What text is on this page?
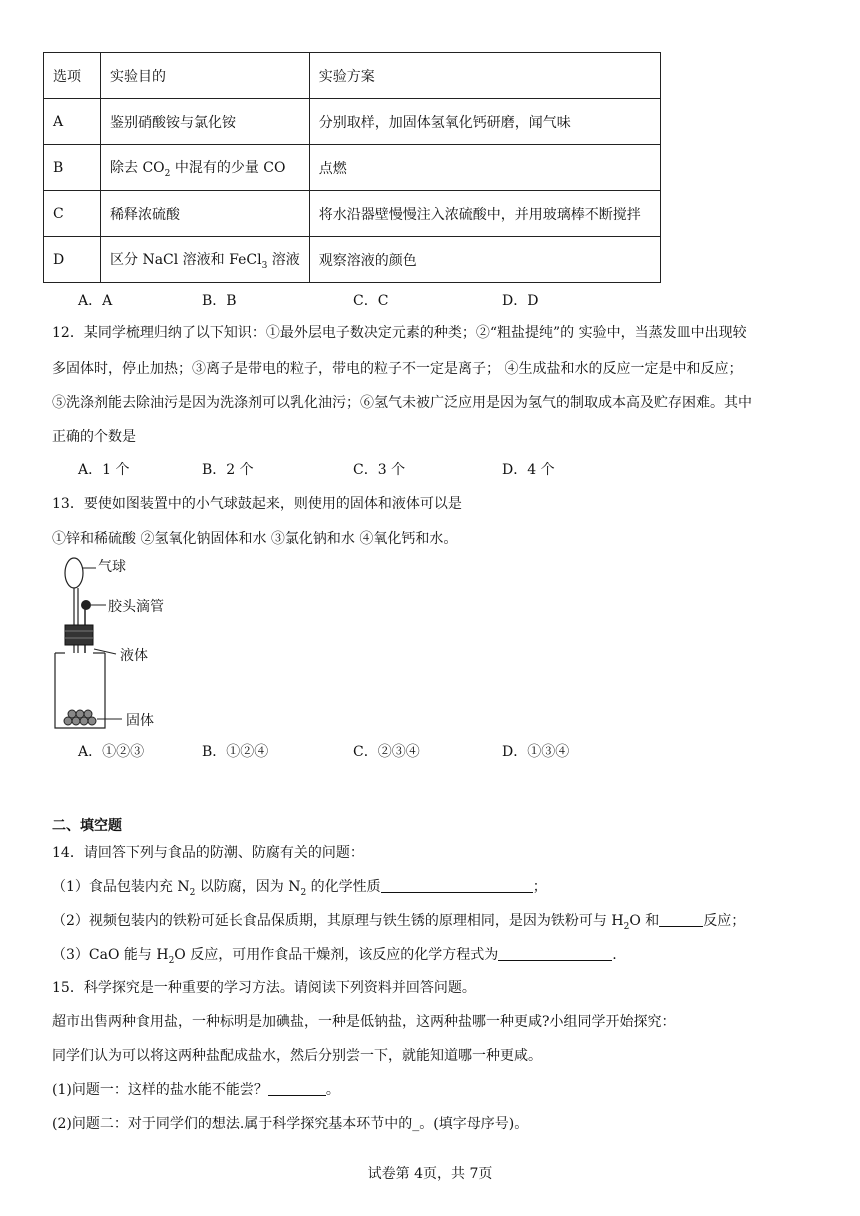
选项	实验目的	实验方案
A	鉴别硝酸铵与氯化铵	分别取样，加固体氢氧化钙研磨，闻气味
B	除去 $CO_2$ 中混有的少量 CO	点燃
C	稀释浓硫酸	将水沿器壁慢慢注入浓硫酸中，并用玻璃棒不断搅拌
D	区分 NaCl 溶液和 FeCl$_3$ 溶液	观察溶液的颜色
A．A	B．B	C．C	D．D
12．某同学梳理归纳了以下知识：①最外层电子数决定元素的种类；②“粗盐提纯”的 实验中，当蒸发皿中出现较
多固体时，停止加热；③离子是带电的粒子，带电的粒子不一定是离子； ④生成盐和水的反应一定是中和反应；
⑤洗涤剂能去除油污是因为洗涤剂可以乳化油污；⑥氢气未被广泛应用是因为氢气的制取成本高及贮存困难。其中
正确的个数是
A．1 个	B．2 个	C．3 个	D．4 个
13．要使如图装置中的小气球鼓起来，则使用的固体和液体可以是
①锌和稀硫酸 ②氢氧化钠固体和水 ③氯化钠和水 ④氧化钙和水。
气球
胶头滴管
液体
固体
A．①②③	B．①②④	C．②③④	D．①③④
二、填空题
14．请回答下列与食品的防潮、防腐有关的问题：
（1）食品包装内充 $N_2$ 以防腐，因为 $N_2$ 的化学性质	；
（2）视频包装内的铁粉可延长食品保质期，其原理与铁生锈的原理相同，是因为铁粉可与 $H_2O$ 和	反应；
（3）CaO 能与 $H_2O$ 反应，可用作食品干燥剂，该反应的化学方程式为	.
15．科学探究是一种重要的学习方法。请阅读下列资料并回答问题。
超市出售两种食用盐，一种标明是加碘盐，一种是低钠盐，这两种盐哪一种更咸?小组同学开始探究：
同学们认为可以将这两种盐配成盐水，然后分别尝一下，就能知道哪一种更咸。
(1)问题一：这样的盐水能不能尝？	。
(2)问题二：对于同学们的想法.属于科学探究基本环节中的_。(填字母序号)。
试卷第 4页，共 7页
